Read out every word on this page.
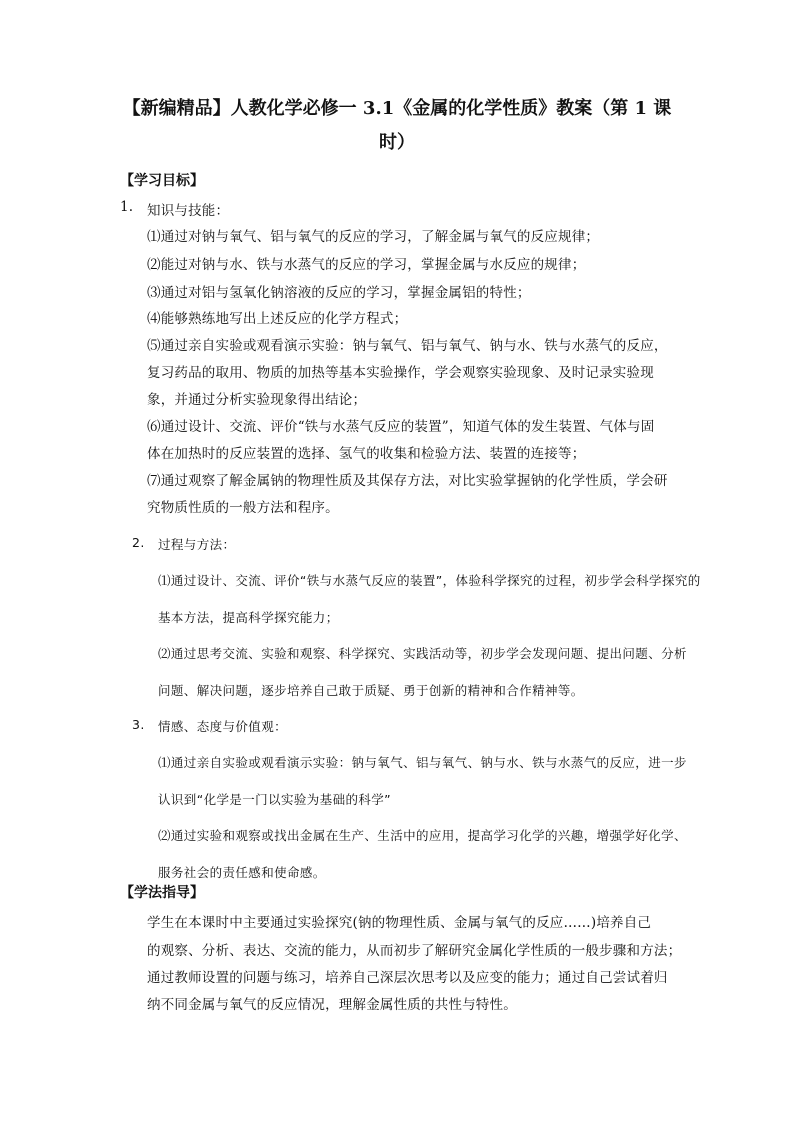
【新编精品】人教化学必修一 3.1《金属的化学性质》教案（第 1 课
时）
【学习目标】
1. 知识与技能：
⑴通过对钠与氧气、铝与氧气的反应的学习，了解金属与氧气的反应规律；
⑵能过对钠与水、铁与水蒸气的反应的学习，掌握金属与水反应的规律；
⑶通过对铝与氢氧化钠溶液的反应的学习，掌握金属铝的特性；
⑷能够熟练地写出上述反应的化学方程式；
⑸通过亲自实验或观看演示实验：钠与氧气、铝与氧气、钠与水、铁与水蒸气的反应，
复习药品的取用、物质的加热等基本实验操作，学会观察实验现象、及时记录实验现
象，并通过分析实验现象得出结论；
⑹通过设计、交流、评价“铁与水蒸气反应的装置”，知道气体的发生装置、气体与固
体在加热时的反应装置的选择、氢气的收集和检验方法、装置的连接等；
⑺通过观察了解金属钠的物理性质及其保存方法，对比实验掌握钠的化学性质，学会研
究物质性质的一般方法和程序。
2. 过程与方法：
⑴通过设计、交流、评价“铁与水蒸气反应的装置”，体验科学探究的过程，初步学会科学探究的
基本方法，提高科学探究能力；
⑵通过思考交流、实验和观察、科学探究、实践活动等，初步学会发现问题、提出问题、分析
问题、解决问题，逐步培养自己敢于质疑、勇于创新的精神和合作精神等。
3. 情感、态度与价值观：
⑴通过亲自实验或观看演示实验：钠与氧气、铝与氧气、钠与水、铁与水蒸气的反应，进一步
认识到“化学是一门以实验为基础的科学”
⑵通过实验和观察或找出金属在生产、生活中的应用，提高学习化学的兴趣，增强学好化学、
服务社会的责任感和使命感。
【学法指导】
学生在本课时中主要通过实验探究(钠的物理性质、金属与氧气的反应……)培养自己
的观察、分析、表达、交流的能力，从而初步了解研究金属化学性质的一般步骤和方法；
通过教师设置的问题与练习，培养自己深层次思考以及应变的能力；通过自己尝试着归
纳不同金属与氧气的反应情况，理解金属性质的共性与特性。
